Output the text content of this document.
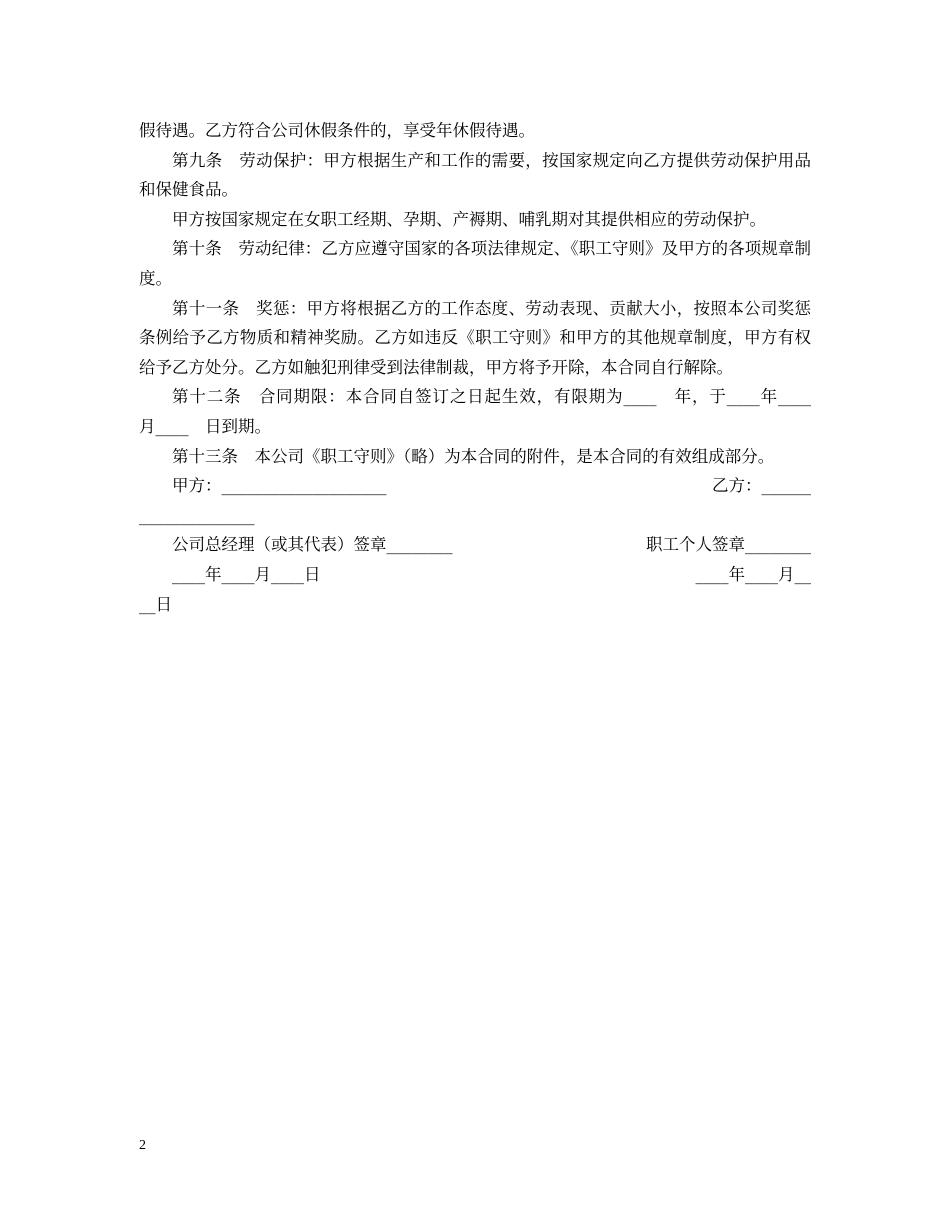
假待遇。乙方符合公司休假条件的，享受年休假待遇。

第九条　劳动保护：甲方根据生产和工作的需要，按国家规定向乙方提供劳动保护用品和保健食品。

甲方按国家规定在女职工经期、孕期、产褥期、哺乳期对其提供相应的劳动保护。

第十条　劳动纪律：乙方应遵守国家的各项法律规定、《职工守则》及甲方的各项规章制度。

第十一条　奖惩：甲方将根据乙方的工作态度、劳动表现、贡献大小，按照本公司奖惩条例给予乙方物质和精神奖励。乙方如违反《职工守则》和甲方的其他规章制度，甲方有权给予乙方处分。乙方如触犯刑律受到法律制裁，甲方将予开除，本合同自行解除。

第十二条　合同期限：本合同自签订之日起生效，有限期为____　年，于____年____　月____　日到期。

第十三条　本公司《职工守则》（略）为本合同的附件，是本合同的有效组成部分。

甲方：____________________	乙方：______
______________
公司总经理（或其代表）签章________	职工个人签章________
____年____月____日	____年____月__
__日
2
